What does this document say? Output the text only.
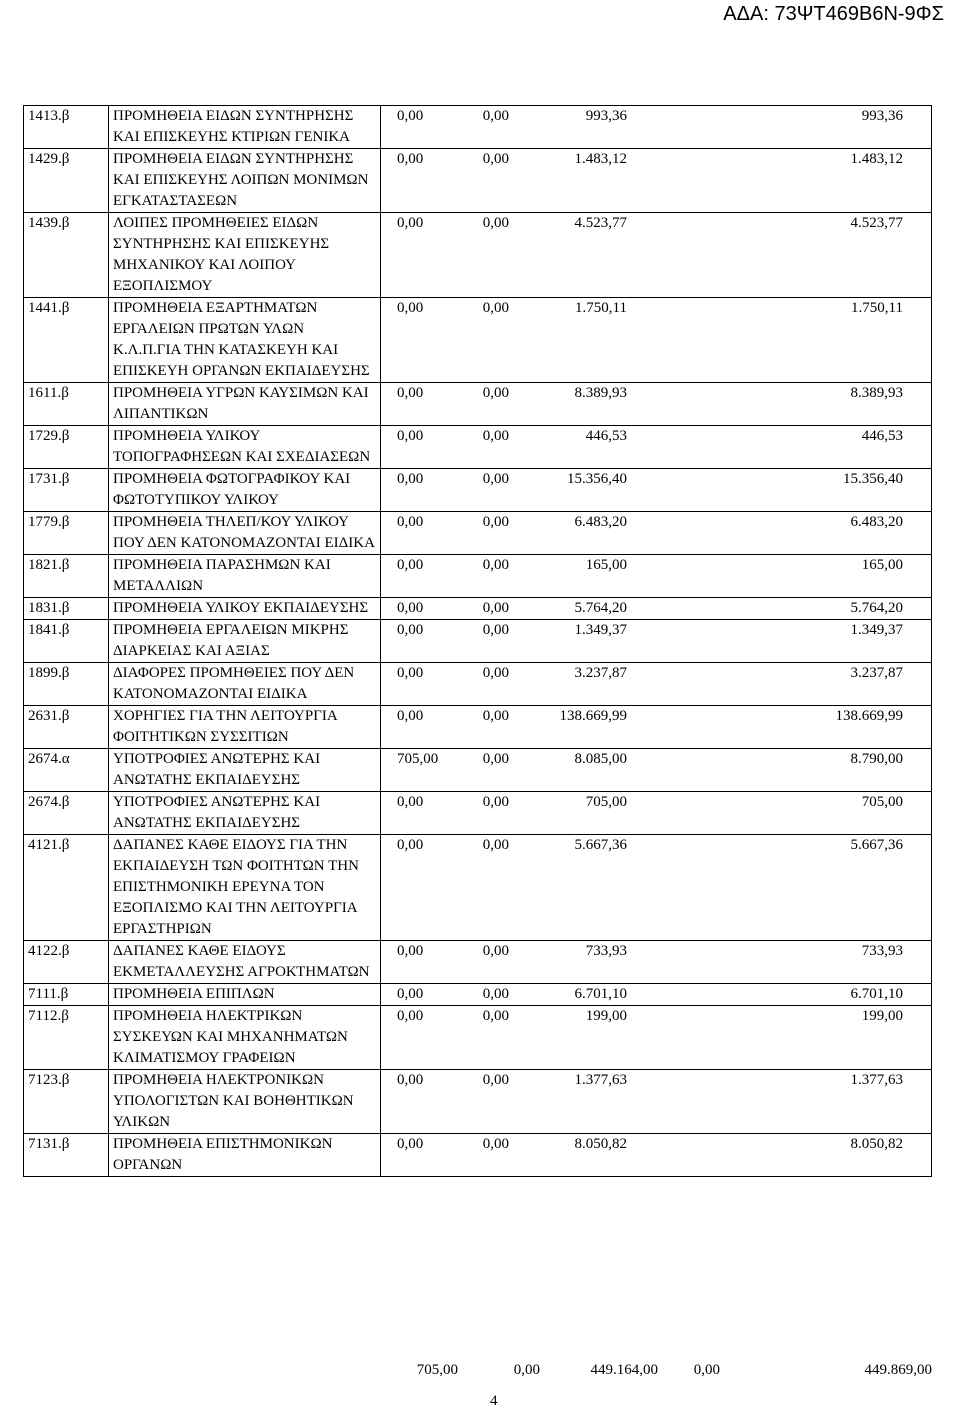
ΑΔΑ: 73ΨΤ469Β6Ν-9ΦΣ
1413.β	ΠΡΟΜΗΘΕΙΑ ΕΙΔΩΝ ΣΥΝΤΗΡΗΣΗΣ ΚΑΙ ΕΠΙΣΚΕΥΗΣ ΚΤΙΡΙΩΝ ΓΕΝΙΚΑ	0,00 0,00 993,36 993,36

1429.β	ΠΡΟΜΗΘΕΙΑ ΕΙΔΩΝ ΣΥΝΤΗΡΗΣΗΣ ΚΑΙ ΕΠΙΣΚΕΥΗΣ ΛΟΙΠΩΝ ΜΟΝΙΜΩΝ ΕΓΚΑΤΑΣΤΑΣΕΩΝ	0,00 0,00 1.483,12 1.483,12

1439.β	ΛΟΙΠΕΣ ΠΡΟΜΗΘΕΙΕΣ ΕΙΔΩΝ ΣΥΝΤΗΡΗΣΗΣ ΚΑΙ ΕΠΙΣΚΕΥΗΣ ΜΗΧΑΝΙΚΟΥ ΚΑΙ ΛΟΙΠΟΥ ΕΞΟΠΛΙΣΜΟΥ	0,00 0,00 4.523,77 4.523,77

1441.β	ΠΡΟΜΗΘΕΙΑ ΕΞΑΡΤΗΜΑΤΩΝ ΕΡΓΑΛΕΙΩΝ ΠΡΩΤΩΝ ΥΛΩΝ Κ.Λ.Π.ΓΙΑ ΤΗΝ ΚΑΤΑΣΚΕΥΗ ΚΑΙ ΕΠΙΣΚΕΥΗ ΟΡΓΑΝΩΝ ΕΚΠΑΙΔΕΥΣΗΣ	0,00 0,00 1.750,11 1.750,11

1611.β	ΠΡΟΜΗΘΕΙΑ ΥΓΡΩΝ ΚΑΥΣΙΜΩΝ ΚΑΙ ΛΙΠΑΝΤΙΚΩΝ	0,00 0,00 8.389,93 8.389,93

1729.β	ΠΡΟΜΗΘΕΙΑ ΥΛΙΚΟΥ ΤΟΠΟΓΡΑΦΗΣΕΩΝ ΚΑΙ ΣΧΕΔΙΑΣΕΩΝ	0,00 0,00 446,53 446,53

1731.β	ΠΡΟΜΗΘΕΙΑ ΦΩΤΟΓΡΑΦΙΚΟΥ ΚΑΙ ΦΩΤΟΤΥΠΙΚΟΥ ΥΛΙΚΟΥ	0,00 0,00 15.356,40 15.356,40

1779.β	ΠΡΟΜΗΘΕΙΑ ΤΗΛΕΠ/ΚΟΥ ΥΛΙΚΟΥ ΠΟΥ ΔΕΝ ΚΑΤΟΝΟΜΑΖΟΝΤΑΙ ΕΙΔΙΚΑ	0,00 0,00 6.483,20 6.483,20

1821.β	ΠΡΟΜΗΘΕΙΑ ΠΑΡΑΣΗΜΩΝ ΚΑΙ ΜΕΤΑΛΛΙΩΝ	0,00 0,00 165,00 165,00

1831.β	ΠΡΟΜΗΘΕΙΑ ΥΛΙΚΟΥ ΕΚΠΑΙΔΕΥΣΗΣ	0,00 0,00 5.764,20 5.764,20

1841.β	ΠΡΟΜΗΘΕΙΑ ΕΡΓΑΛΕΙΩΝ ΜΙΚΡΗΣ ΔΙΑΡΚΕΙΑΣ ΚΑΙ ΑΞΙΑΣ	0,00 0,00 1.349,37 1.349,37

1899.β	ΔΙΑΦΟΡΕΣ ΠΡΟΜΗΘΕΙΕΣ ΠΟΥ ΔΕΝ ΚΑΤΟΝΟΜΑΖΟΝΤΑΙ ΕΙΔΙΚΑ	0,00 0,00 3.237,87 3.237,87

2631.β	ΧΟΡΗΓΙΕΣ ΓΙΑ ΤΗΝ ΛΕΙΤΟΥΡΓΙΑ ΦΟΙΤΗΤΙΚΩΝ ΣΥΣΣΙΤΙΩΝ	0,00 0,00 138.669,99 138.669,99

2674.α	ΥΠΟΤΡΟΦΙΕΣ ΑΝΩΤΕΡΗΣ ΚΑΙ ΑΝΩΤΑΤΗΣ ΕΚΠΑΙΔΕΥΣΗΣ	705,00 0,00 8.085,00 8.790,00

2674.β	ΥΠΟΤΡΟΦΙΕΣ ΑΝΩΤΕΡΗΣ ΚΑΙ ΑΝΩΤΑΤΗΣ ΕΚΠΑΙΔΕΥΣΗΣ	0,00 0,00 705,00 705,00

4121.β	ΔΑΠΑΝΕΣ ΚΑΘΕ ΕΙΔΟΥΣ ΓΙΑ ΤΗΝ ΕΚΠΑΙΔΕΥΣΗ ΤΩΝ ΦΟΙΤΗΤΩΝ ΤΗΝ ΕΠΙΣΤΗΜΟΝΙΚΗ ΕΡΕΥΝΑ ΤΟΝ ΕΞΟΠΛΙΣΜΟ ΚΑΙ ΤΗΝ ΛΕΙΤΟΥΡΓΙΑ ΕΡΓΑΣΤΗΡΙΩΝ	0,00 0,00 5.667,36 5.667,36

4122.β	ΔΑΠΑΝΕΣ ΚΑΘΕ ΕΙΔΟΥΣ ΕΚΜΕΤΑΛΛΕΥΣΗΣ ΑΓΡΟΚΤΗΜΑΤΩΝ	0,00 0,00 733,93 733,93

7111.β	ΠΡΟΜΗΘΕΙΑ ΕΠΙΠΛΩΝ	0,00 0,00 6.701,10 6.701,10

7112.β	ΠΡΟΜΗΘΕΙΑ ΗΛΕΚΤΡΙΚΩΝ ΣΥΣΚΕΥΩΝ ΚΑΙ ΜΗΧΑΝΗΜΑΤΩΝ ΚΛΙΜΑΤΙΣΜΟΥ ΓΡΑΦΕΙΩΝ	0,00 0,00 199,00 199,00

7123.β	ΠΡΟΜΗΘΕΙΑ ΗΛΕΚΤΡΟΝΙΚΩΝ ΥΠΟΛΟΓΙΣΤΩΝ ΚΑΙ ΒΟΗΘΗΤΙΚΩΝ ΥΛΙΚΩΝ	0,00 0,00 1.377,63 1.377,63

7131.β	ΠΡΟΜΗΘΕΙΑ ΕΠΙΣΤΗΜΟΝΙΚΩΝ ΟΡΓΑΝΩΝ	0,00 0,00 8.050,82 8.050,82
705,00	0,00	449.164,00	0,00	449.869,00
4
